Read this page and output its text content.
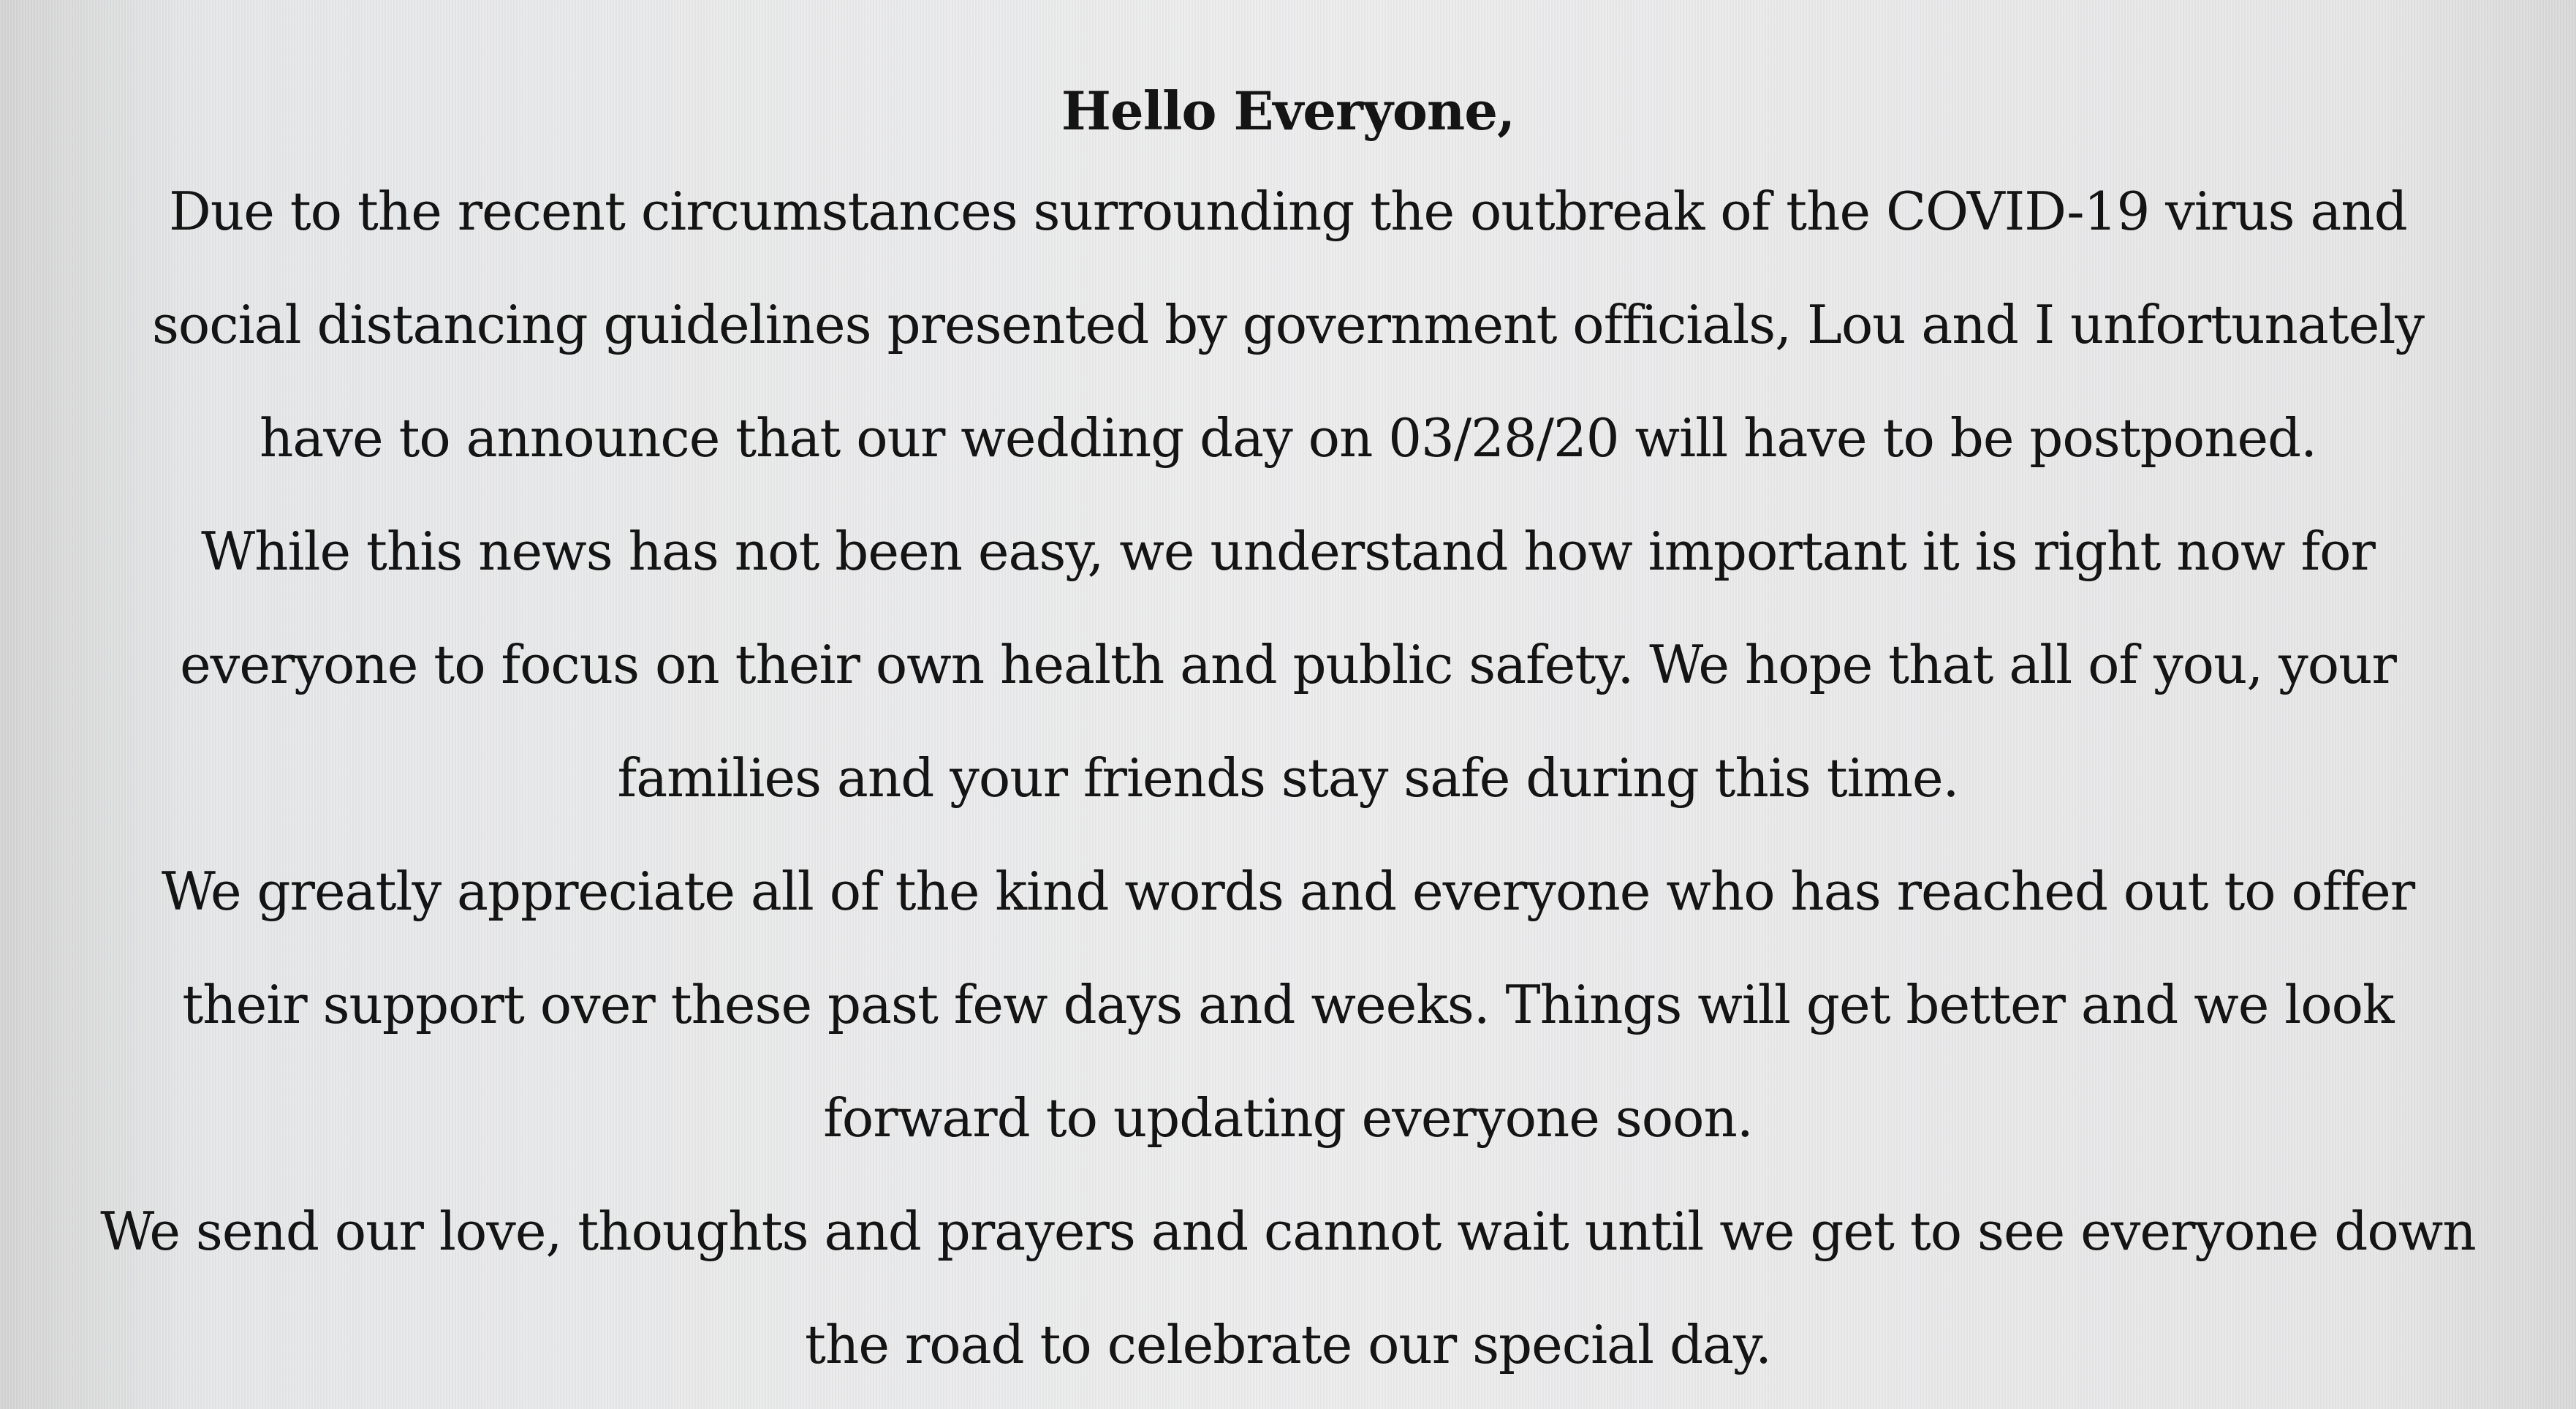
Hello Everyone,
Due to the recent circumstances surrounding the outbreak of the COVID-19 virus and
social distancing guidelines presented by government officials, Lou and I unfortunately
have to announce that our wedding day on 03/28/20 will have to be postponed.
While this news has not been easy, we understand how important it is right now for
everyone to focus on their own health and public safety. We hope that all of you, your
families and your friends stay safe during this time.
We greatly appreciate all of the kind words and everyone who has reached out to offer
their support over these past few days and weeks. Things will get better and we look
forward to updating everyone soon.
We send our love, thoughts and prayers and cannot wait until we get to see everyone down
the road to celebrate our special day.
